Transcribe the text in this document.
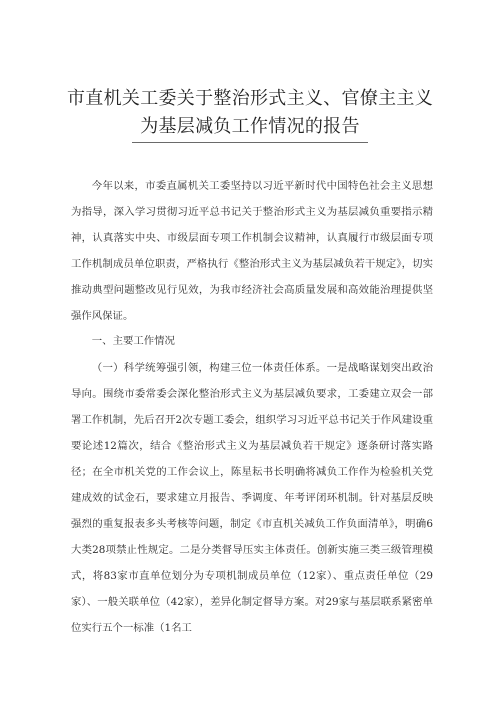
市直机关工委关于整治形式主义、官僚主主义
为基层减负工作情况的报告
今年以来，市委直属机关工委坚持以习近平新时代中国特色社会主义思想为指导，深入学习贯彻习近平总书记关于整治形式主义为基层减负重要指示精神，认真落实中央、市级层面专项工作机制会议精神，认真履行市级层面专项工作机制成员单位职责，严格执行《整治形式主义为基层减负若干规定》，切实推动典型问题整改见行见效，为我市经济社会高质量发展和高效能治理提供坚强作风保证。
一、主要工作情况
（一）科学统筹强引领，构建三位一体责任体系。一是战略谋划突出政治导向。围绕市委常委会深化整治形式主义为基层减负要求，工委建立双会一部署工作机制，先后召开2次专题工委会，组织学习习近平总书记关于作风建设重要论述12篇次，结合《整治形式主义为基层减负若干规定》逐条研讨落实路径；在全市机关党的工作会议上，陈星耘书长明确将减负工作作为检验机关党建成效的试金石，要求建立月报告、季调度、年考评闭环机制。针对基层反映强烈的重复报表多头考核等问题，制定《市直机关减负工作负面清单》，明确6大类28项禁止性规定。二是分类督导压实主体责任。创新实施三类三级管理模式，将83家市直单位划分为专项机制成员单位（12家）、重点责任单位（29家）、一般关联单位（42家），差异化制定督导方案。对29家与基层联系紧密单位实行五个一标准（1名工
